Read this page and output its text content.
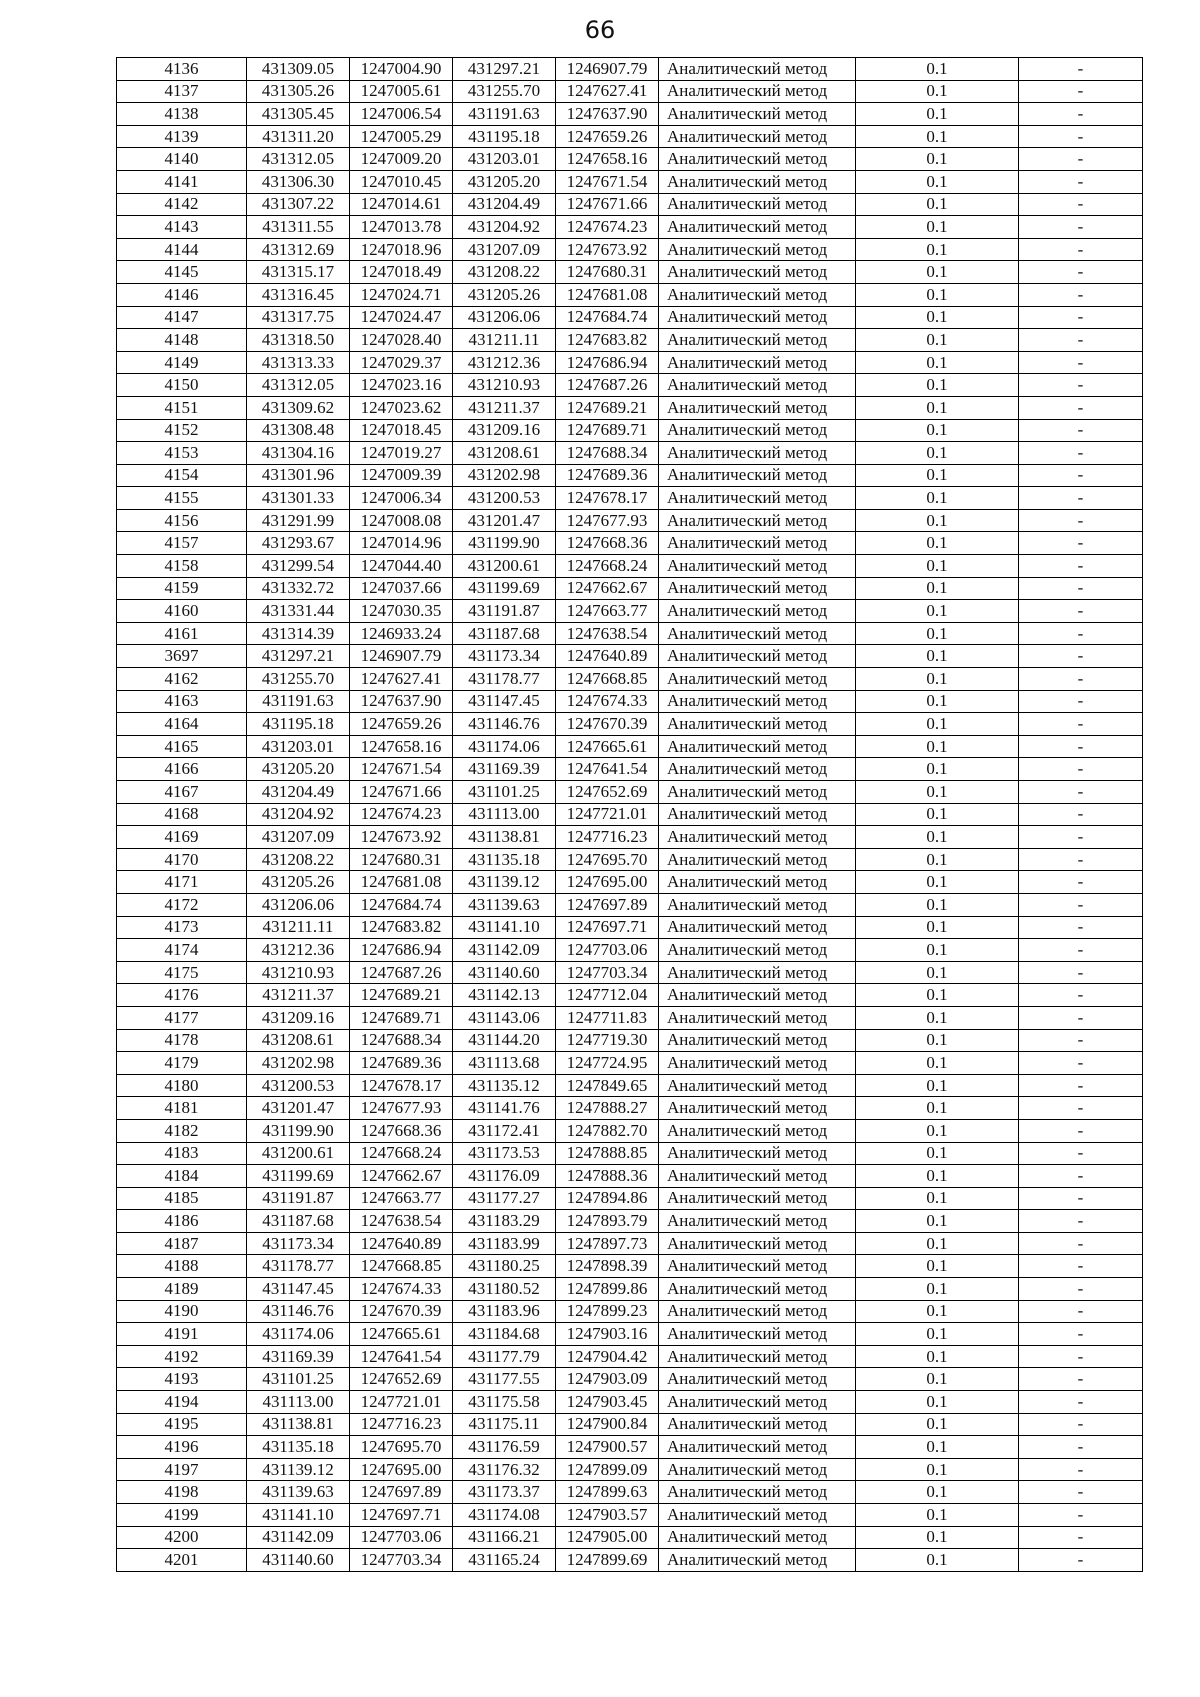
66
4136	431309.05	1247004.90	431297.21	1246907.79	Аналитический метод	0.1	-
4137	431305.26	1247005.61	431255.70	1247627.41	Аналитический метод	0.1	-
4138	431305.45	1247006.54	431191.63	1247637.90	Аналитический метод	0.1	-
4139	431311.20	1247005.29	431195.18	1247659.26	Аналитический метод	0.1	-
4140	431312.05	1247009.20	431203.01	1247658.16	Аналитический метод	0.1	-
4141	431306.30	1247010.45	431205.20	1247671.54	Аналитический метод	0.1	-
4142	431307.22	1247014.61	431204.49	1247671.66	Аналитический метод	0.1	-
4143	431311.55	1247013.78	431204.92	1247674.23	Аналитический метод	0.1	-
4144	431312.69	1247018.96	431207.09	1247673.92	Аналитический метод	0.1	-
4145	431315.17	1247018.49	431208.22	1247680.31	Аналитический метод	0.1	-
4146	431316.45	1247024.71	431205.26	1247681.08	Аналитический метод	0.1	-
4147	431317.75	1247024.47	431206.06	1247684.74	Аналитический метод	0.1	-
4148	431318.50	1247028.40	431211.11	1247683.82	Аналитический метод	0.1	-
4149	431313.33	1247029.37	431212.36	1247686.94	Аналитический метод	0.1	-
4150	431312.05	1247023.16	431210.93	1247687.26	Аналитический метод	0.1	-
4151	431309.62	1247023.62	431211.37	1247689.21	Аналитический метод	0.1	-
4152	431308.48	1247018.45	431209.16	1247689.71	Аналитический метод	0.1	-
4153	431304.16	1247019.27	431208.61	1247688.34	Аналитический метод	0.1	-
4154	431301.96	1247009.39	431202.98	1247689.36	Аналитический метод	0.1	-
4155	431301.33	1247006.34	431200.53	1247678.17	Аналитический метод	0.1	-
4156	431291.99	1247008.08	431201.47	1247677.93	Аналитический метод	0.1	-
4157	431293.67	1247014.96	431199.90	1247668.36	Аналитический метод	0.1	-
4158	431299.54	1247044.40	431200.61	1247668.24	Аналитический метод	0.1	-
4159	431332.72	1247037.66	431199.69	1247662.67	Аналитический метод	0.1	-
4160	431331.44	1247030.35	431191.87	1247663.77	Аналитический метод	0.1	-
4161	431314.39	1246933.24	431187.68	1247638.54	Аналитический метод	0.1	-
3697	431297.21	1246907.79	431173.34	1247640.89	Аналитический метод	0.1	-
4162	431255.70	1247627.41	431178.77	1247668.85	Аналитический метод	0.1	-
4163	431191.63	1247637.90	431147.45	1247674.33	Аналитический метод	0.1	-
4164	431195.18	1247659.26	431146.76	1247670.39	Аналитический метод	0.1	-
4165	431203.01	1247658.16	431174.06	1247665.61	Аналитический метод	0.1	-
4166	431205.20	1247671.54	431169.39	1247641.54	Аналитический метод	0.1	-
4167	431204.49	1247671.66	431101.25	1247652.69	Аналитический метод	0.1	-
4168	431204.92	1247674.23	431113.00	1247721.01	Аналитический метод	0.1	-
4169	431207.09	1247673.92	431138.81	1247716.23	Аналитический метод	0.1	-
4170	431208.22	1247680.31	431135.18	1247695.70	Аналитический метод	0.1	-
4171	431205.26	1247681.08	431139.12	1247695.00	Аналитический метод	0.1	-
4172	431206.06	1247684.74	431139.63	1247697.89	Аналитический метод	0.1	-
4173	431211.11	1247683.82	431141.10	1247697.71	Аналитический метод	0.1	-
4174	431212.36	1247686.94	431142.09	1247703.06	Аналитический метод	0.1	-
4175	431210.93	1247687.26	431140.60	1247703.34	Аналитический метод	0.1	-
4176	431211.37	1247689.21	431142.13	1247712.04	Аналитический метод	0.1	-
4177	431209.16	1247689.71	431143.06	1247711.83	Аналитический метод	0.1	-
4178	431208.61	1247688.34	431144.20	1247719.30	Аналитический метод	0.1	-
4179	431202.98	1247689.36	431113.68	1247724.95	Аналитический метод	0.1	-
4180	431200.53	1247678.17	431135.12	1247849.65	Аналитический метод	0.1	-
4181	431201.47	1247677.93	431141.76	1247888.27	Аналитический метод	0.1	-
4182	431199.90	1247668.36	431172.41	1247882.70	Аналитический метод	0.1	-
4183	431200.61	1247668.24	431173.53	1247888.85	Аналитический метод	0.1	-
4184	431199.69	1247662.67	431176.09	1247888.36	Аналитический метод	0.1	-
4185	431191.87	1247663.77	431177.27	1247894.86	Аналитический метод	0.1	-
4186	431187.68	1247638.54	431183.29	1247893.79	Аналитический метод	0.1	-
4187	431173.34	1247640.89	431183.99	1247897.73	Аналитический метод	0.1	-
4188	431178.77	1247668.85	431180.25	1247898.39	Аналитический метод	0.1	-
4189	431147.45	1247674.33	431180.52	1247899.86	Аналитический метод	0.1	-
4190	431146.76	1247670.39	431183.96	1247899.23	Аналитический метод	0.1	-
4191	431174.06	1247665.61	431184.68	1247903.16	Аналитический метод	0.1	-
4192	431169.39	1247641.54	431177.79	1247904.42	Аналитический метод	0.1	-
4193	431101.25	1247652.69	431177.55	1247903.09	Аналитический метод	0.1	-
4194	431113.00	1247721.01	431175.58	1247903.45	Аналитический метод	0.1	-
4195	431138.81	1247716.23	431175.11	1247900.84	Аналитический метод	0.1	-
4196	431135.18	1247695.70	431176.59	1247900.57	Аналитический метод	0.1	-
4197	431139.12	1247695.00	431176.32	1247899.09	Аналитический метод	0.1	-
4198	431139.63	1247697.89	431173.37	1247899.63	Аналитический метод	0.1	-
4199	431141.10	1247697.71	431174.08	1247903.57	Аналитический метод	0.1	-
4200	431142.09	1247703.06	431166.21	1247905.00	Аналитический метод	0.1	-
4201	431140.60	1247703.34	431165.24	1247899.69	Аналитический метод	0.1	-
